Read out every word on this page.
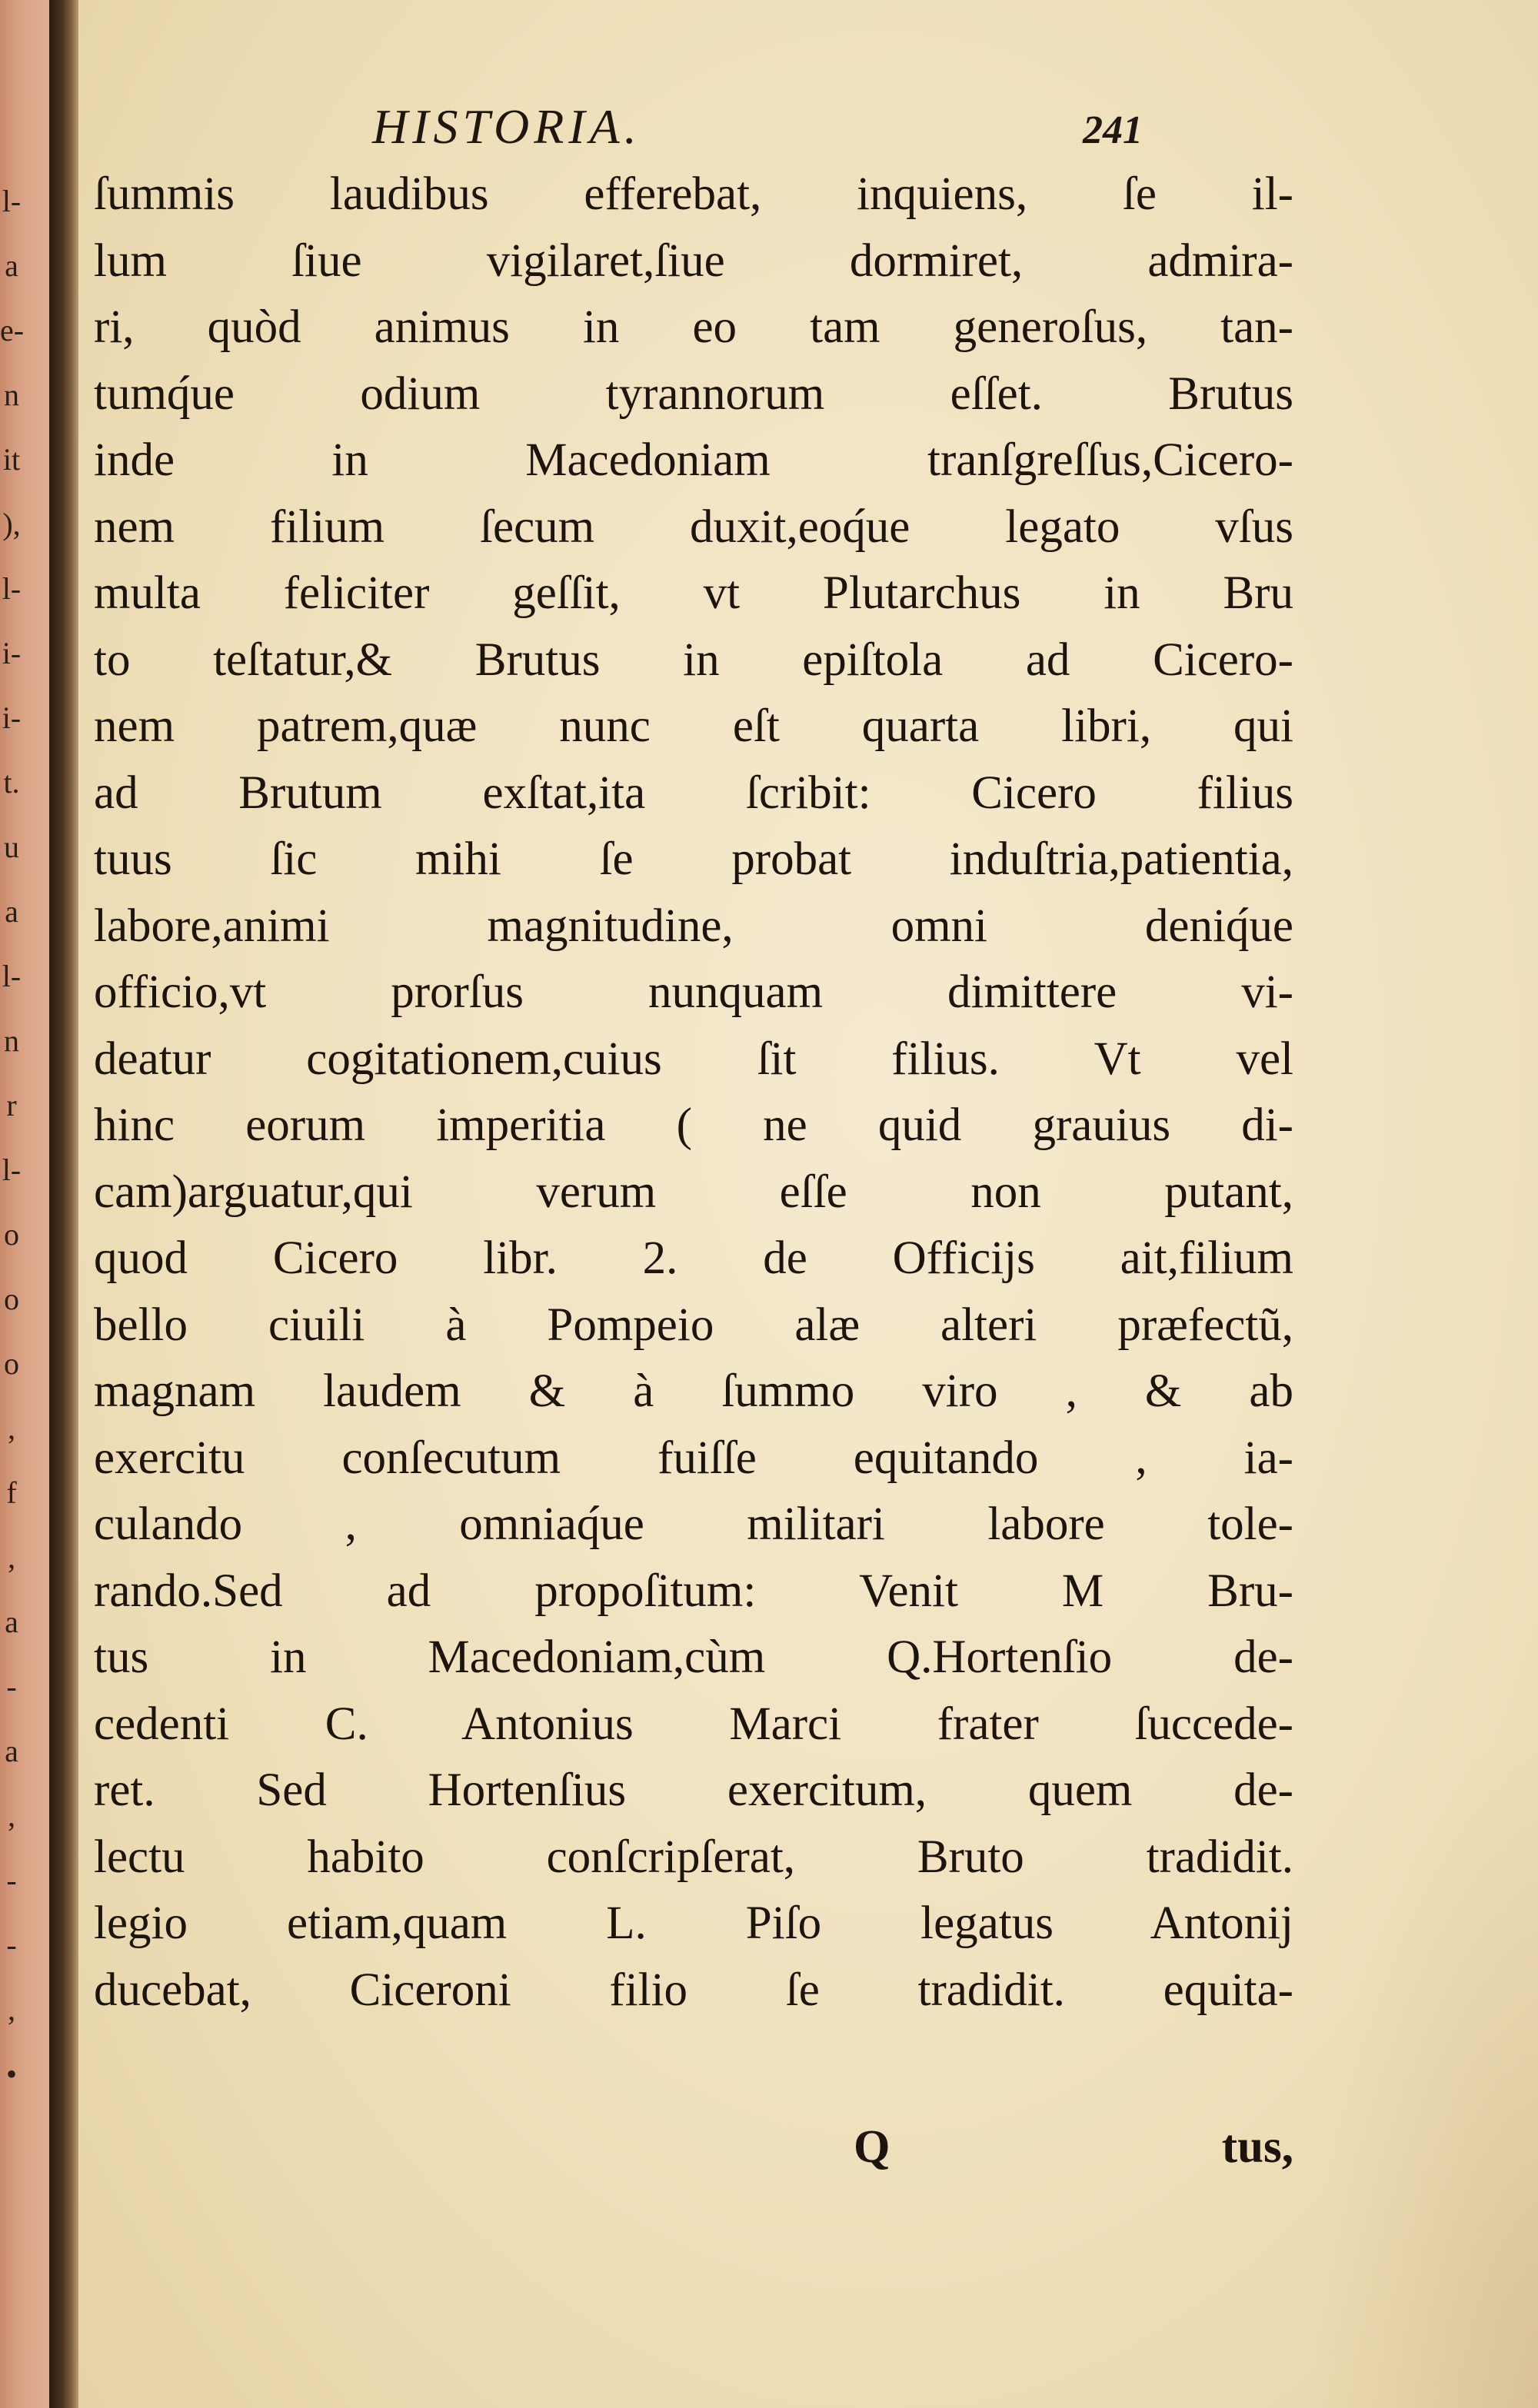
l-
a
e-
n
it
),
l-
i-
i-
t.
u
a
l-
n
r
l-
o
o
o
,
f
,
a
-
a
,
-
-
,
•
HISTORIA.	241
ſummis laudibus efferebat, inquiens, ſe il-
lum ſiue vigilaret,ſiue dormiret, admira-
ri, quòd animus in eo tam generoſus, tan-
tumq́ue odium tyrannorum eſſet. Brutus
inde in Macedoniam tranſgreſſus,Cicero-
nem filium ſecum duxit,eoq́ue legato vſus
multa feliciter geſſit, vt Plutarchus in Bru
to teſtatur,& Brutus in epiſtola ad Cicero-
nem patrem,quæ nunc eſt quarta libri, qui
ad Brutum exſtat,ita ſcribit: Cicero filius
tuus ſic mihi ſe probat induſtria,patientia,
labore,animi magnitudine, omni deniq́ue
officio,vt prorſus nunquam dimittere vi-
deatur cogitationem,cuius ſit filius. Vt vel
hinc eorum imperitia ( ne quid grauius di-
cam)arguatur,qui verum eſſe non putant,
quod Cicero libr. 2. de Officijs ait,filium
bello ciuili à Pompeio alæ alteri præfectũ,
magnam laudem & à ſummo viro , & ab
exercitu conſecutum fuiſſe equitando , ia-
culando , omniaq́ue militari labore tole-
rando.Sed ad propoſitum: Venit M Bru-
tus in Macedoniam,cùm Q.Hortenſio de-
cedenti C. Antonius Marci frater ſuccede-
ret. Sed Hortenſius exercitum, quem de-
lectu habito conſcripſerat, Bruto tradidit.
legio etiam,quam L. Piſo legatus Antonij
ducebat, Ciceroni filio ſe tradidit. equita-
Q	tus,
